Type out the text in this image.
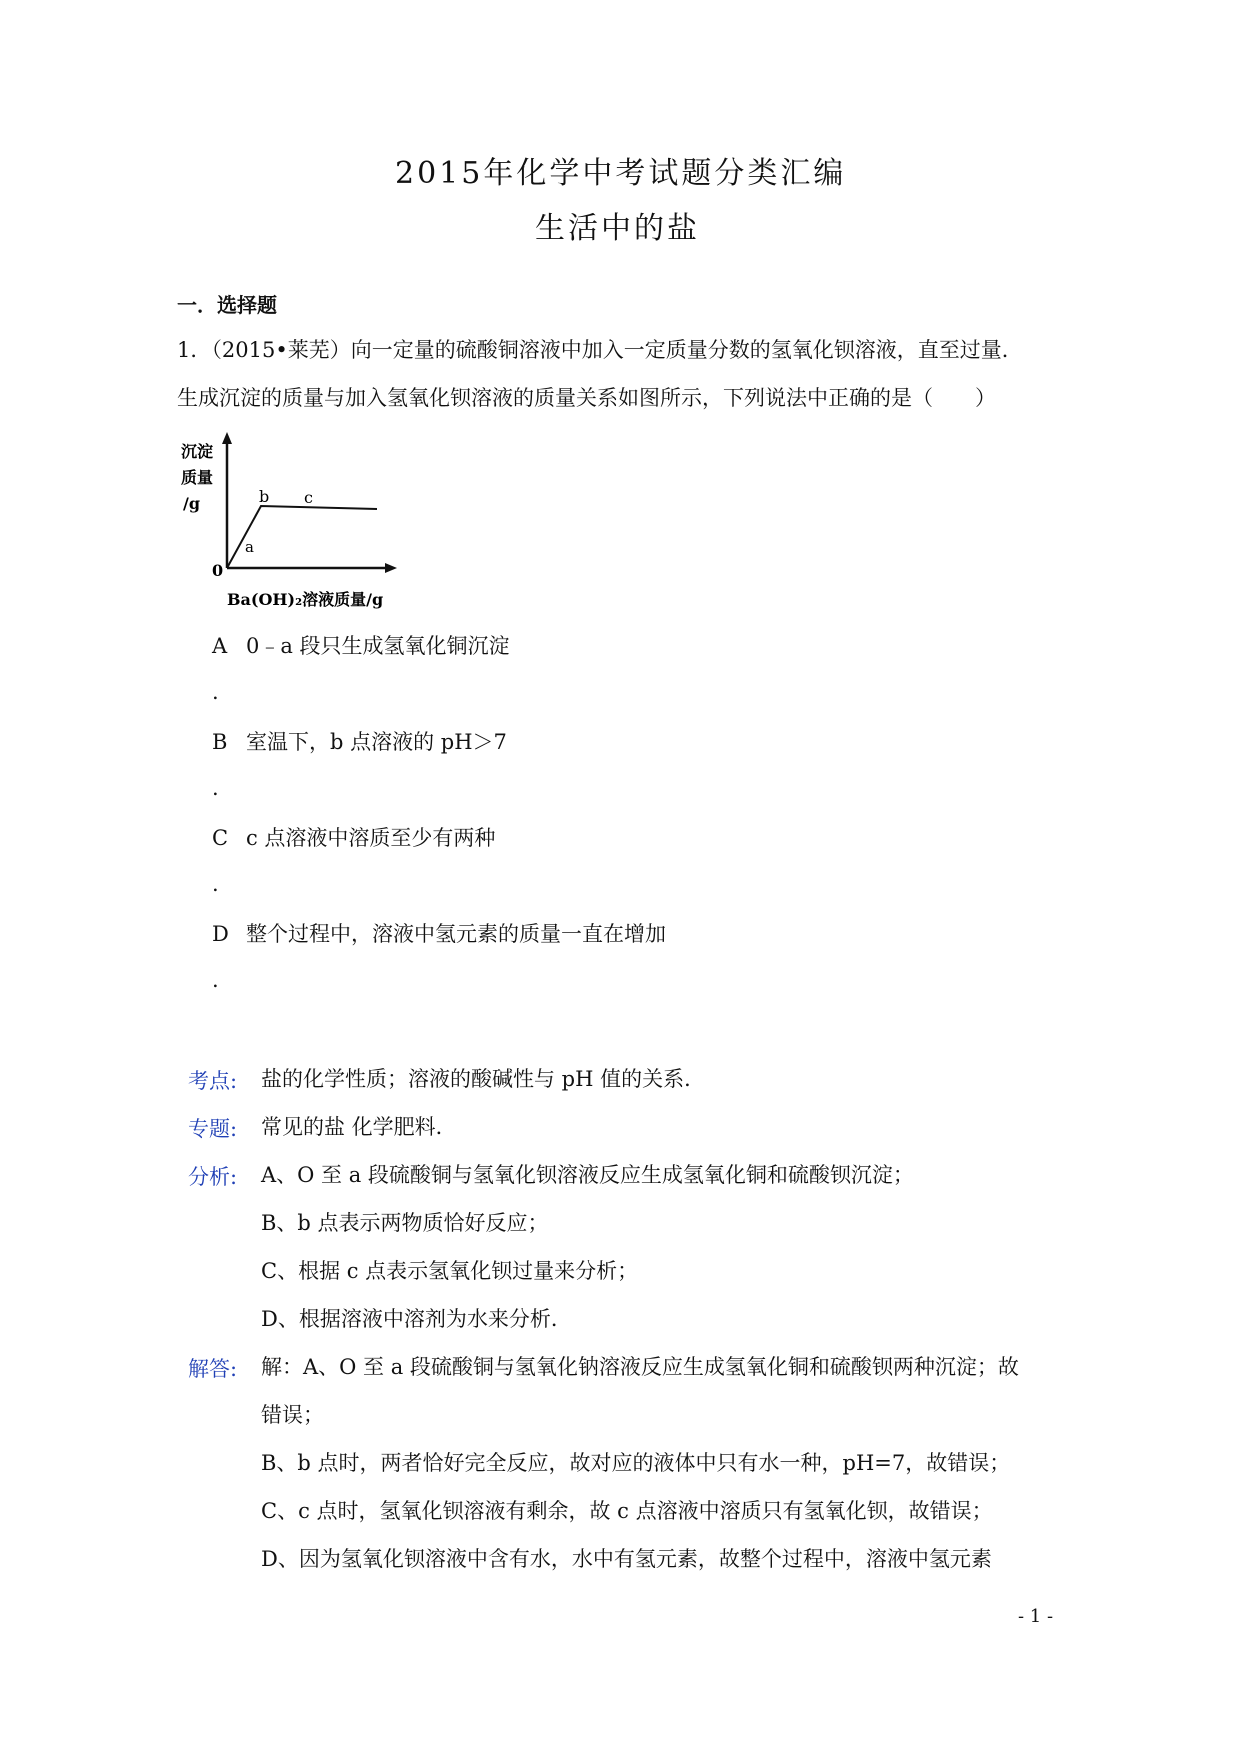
2015年化学中考试题分类汇编
生活中的盐
一．选择题
1．（2015•莱芜）向一定量的硫酸铜溶液中加入一定质量分数的氢氧化钡溶液，直至过量．
生成沉淀的质量与加入氢氧化钡溶液的质量关系如图所示，下列说法中正确的是（　　）
沉淀
质量
/g
0
a
b c
Ba(OH)₂溶液质量/g
A 0﹣a 段只生成氢氧化铜沉淀
.
B 室温下，b 点溶液的 pH＞7
.
C c 点溶液中溶质至少有两种
.
D 整个过程中，溶液中氢元素的质量一直在增加
.
考点: 盐的化学性质；溶液的酸碱性与 pH 值的关系．
专题: 常见的盐 化学肥料．
分析: A、O 至 a 段硫酸铜与氢氧化钡溶液反应生成氢氧化铜和硫酸钡沉淀；
B、b 点表示两物质恰好反应；
C、根据 c 点表示氢氧化钡过量来分析；
D、根据溶液中溶剂为水来分析．
解答: 解：A、O 至 a 段硫酸铜与氢氧化钠溶液反应生成氢氧化铜和硫酸钡两种沉淀；故
错误；
B、b 点时，两者恰好完全反应，故对应的液体中只有水一种，pH=7，故错误；
C、c 点时，氢氧化钡溶液有剩余，故 c 点溶液中溶质只有氢氧化钡，故错误；
D、因为氢氧化钡溶液中含有水，水中有氢元素，故整个过程中，溶液中氢元素
- 1 -
